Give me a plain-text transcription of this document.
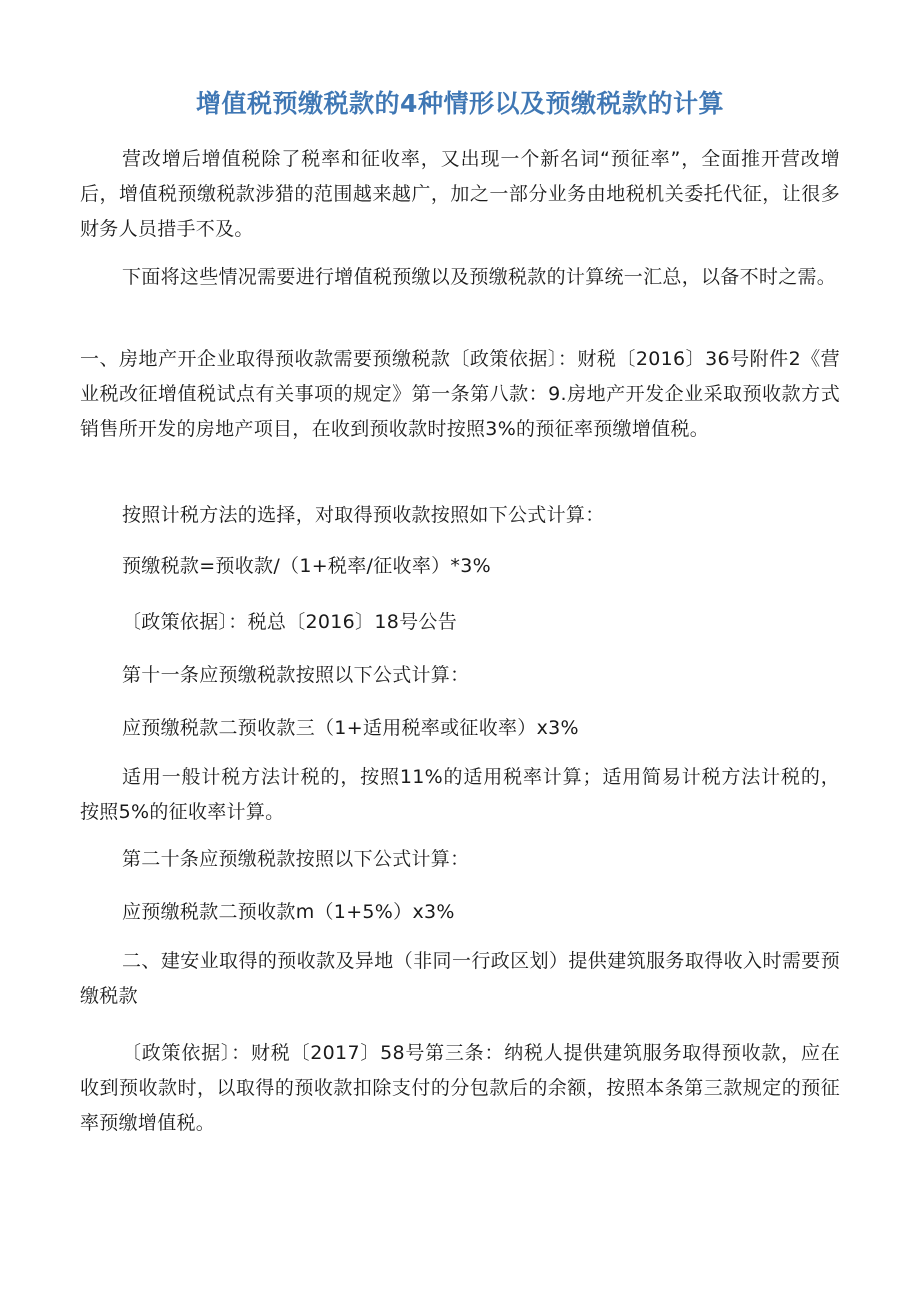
增值税预缴税款的4种情形以及预缴税款的计算
营改增后增值税除了税率和征收率，又出现一个新名词“预征率”，全面推开营改增后，增值税预缴税款涉猎的范围越来越广，加之一部分业务由地税机关委托代征，让很多财务人员措手不及。
下面将这些情况需要进行增值税预缴以及预缴税款的计算统一汇总，以备不时之需。
一、房地产开企业取得预收款需要预缴税款〔政策依据〕：财税〔2016〕36号附件2《营业税改征增值税试点有关事项的规定》第一条第八款：9.房地产开发企业采取预收款方式销售所开发的房地产项目，在收到预收款时按照3%的预征率预缴增值税。
按照计税方法的选择，对取得预收款按照如下公式计算：
预缴税款=预收款/（1+税率/征收率）*3%
〔政策依据〕：税总〔2016〕18号公告
第十一条应预缴税款按照以下公式计算：
应预缴税款二预收款三（1+适用税率或征收率）x3%
适用一般计税方法计税的，按照11%的适用税率计算；适用简易计税方法计税的，按照5%的征收率计算。
第二十条应预缴税款按照以下公式计算：
应预缴税款二预收款m（1+5%）x3%
二、建安业取得的预收款及异地（非同一行政区划）提供建筑服务取得收入时需要预缴税款
〔政策依据〕：财税〔2017〕58号第三条：纳税人提供建筑服务取得预收款，应在收到预收款时，以取得的预收款扣除支付的分包款后的余额，按照本条第三款规定的预征率预缴增值税。
